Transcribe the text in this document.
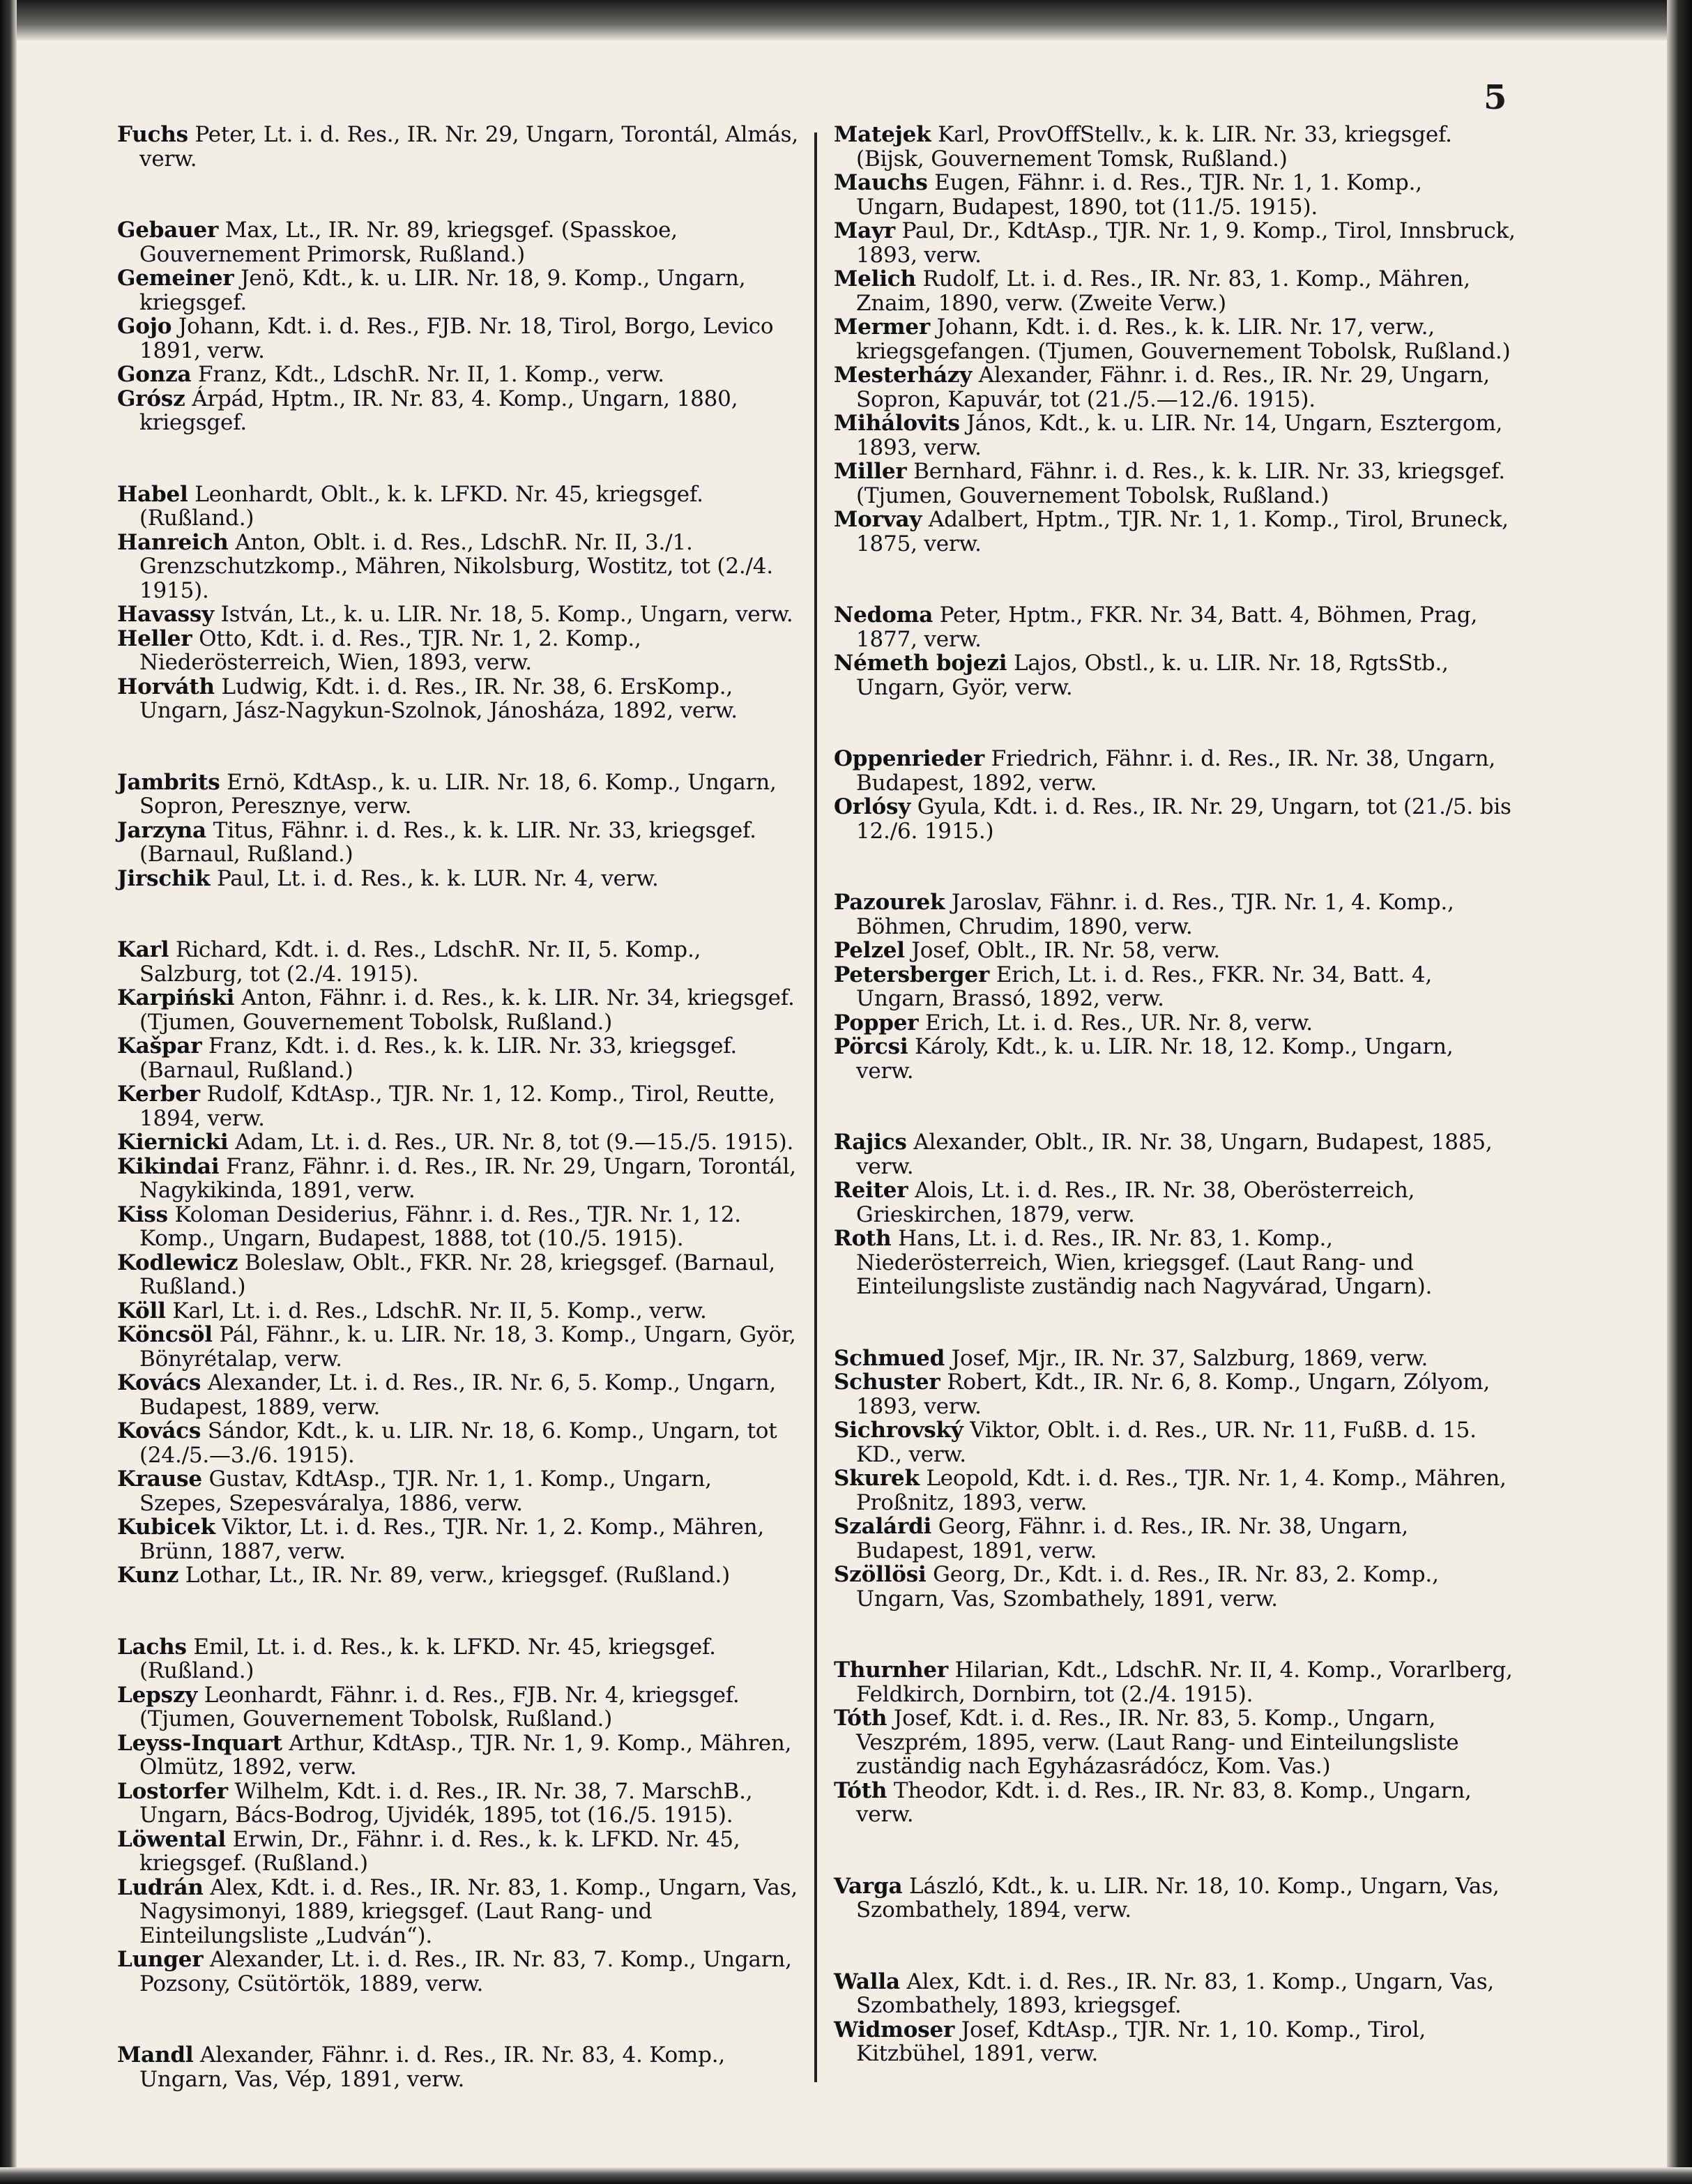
5

Fuchs Peter, Lt. i. d. Res., IR. Nr. 29, Ungarn, Torontál, Almás, verw.

Gebauer Max, Lt., IR. Nr. 89, kriegsgef. (Spasskoe, Gouvernement Primorsk, Rußland.)

Gemeiner Jenö, Kdt., k. u. LIR. Nr. 18, 9. Komp., Ungarn, kriegsgef.

Gojo Johann, Kdt. i. d. Res., FJB. Nr. 18, Tirol, Borgo, Levico 1891, verw.

Gonza Franz, Kdt., LdschR. Nr. II, 1. Komp., verw.

Grósz Árpád, Hptm., IR. Nr. 83, 4. Komp., Ungarn, 1880, kriegsgef.

Habel Leonhardt, Oblt., k. k. LFKD. Nr. 45, kriegsgef. (Rußland.)

Hanreich Anton, Oblt. i. d. Res., LdschR. Nr. II, 3./1. Grenzschutzkomp., Mähren, Nikolsburg, Wostitz, tot (2./4. 1915).

Havassy István, Lt., k. u. LIR. Nr. 18, 5. Komp., Ungarn, verw.

Heller Otto, Kdt. i. d. Res., TJR. Nr. 1, 2. Komp., Niederösterreich, Wien, 1893, verw.

Horváth Ludwig, Kdt. i. d. Res., IR. Nr. 38, 6. ErsKomp., Ungarn, Jász-Nagykun-Szolnok, Jánosháza, 1892, verw.

Jambrits Ernö, KdtAsp., k. u. LIR. Nr. 18, 6. Komp., Ungarn, Sopron, Peresznye, verw.

Jarzyna Titus, Fähnr. i. d. Res., k. k. LIR. Nr. 33, kriegsgef. (Barnaul, Rußland.)

Jirschik Paul, Lt. i. d. Res., k. k. LUR. Nr. 4, verw.

Karl Richard, Kdt. i. d. Res., LdschR. Nr. II, 5. Komp., Salzburg, tot (2./4. 1915).

Karpiński Anton, Fähnr. i. d. Res., k. k. LIR. Nr. 34, kriegsgef. (Tjumen, Gouvernement Tobolsk, Rußland.)

Kašpar Franz, Kdt. i. d. Res., k. k. LIR. Nr. 33, kriegsgef. (Barnaul, Rußland.)

Kerber Rudolf, KdtAsp., TJR. Nr. 1, 12. Komp., Tirol, Reutte, 1894, verw.

Kiernicki Adam, Lt. i. d. Res., UR. Nr. 8, tot (9.—15./5. 1915).

Kikindai Franz, Fähnr. i. d. Res., IR. Nr. 29, Ungarn, Torontál, Nagykikinda, 1891, verw.

Kiss Koloman Desiderius, Fähnr. i. d. Res., TJR. Nr. 1, 12. Komp., Ungarn, Budapest, 1888, tot (10./5. 1915).

Kodlewicz Boleslaw, Oblt., FKR. Nr. 28, kriegsgef. (Barnaul, Rußland.)

Köll Karl, Lt. i. d. Res., LdschR. Nr. II, 5. Komp., verw.

Köncsöl Pál, Fähnr., k. u. LIR. Nr. 18, 3. Komp., Ungarn, Györ, Bönyrétalap, verw.

Kovács Alexander, Lt. i. d. Res., IR. Nr. 6, 5. Komp., Ungarn, Budapest, 1889, verw.

Kovács Sándor, Kdt., k. u. LIR. Nr. 18, 6. Komp., Ungarn, tot (24./5.—3./6. 1915).

Krause Gustav, KdtAsp., TJR. Nr. 1, 1. Komp., Ungarn, Szepes, Szepesváralya, 1886, verw.

Kubicek Viktor, Lt. i. d. Res., TJR. Nr. 1, 2. Komp., Mähren, Brünn, 1887, verw.

Kunz Lothar, Lt., IR. Nr. 89, verw., kriegsgef. (Rußland.)

Lachs Emil, Lt. i. d. Res., k. k. LFKD. Nr. 45, kriegsgef. (Rußland.)

Lepszy Leonhardt, Fähnr. i. d. Res., FJB. Nr. 4, kriegsgef. (Tjumen, Gouvernement Tobolsk, Rußland.)

Leyss-Inquart Arthur, KdtAsp., TJR. Nr. 1, 9. Komp., Mähren, Olmütz, 1892, verw.

Lostorfer Wilhelm, Kdt. i. d. Res., IR. Nr. 38, 7. MarschB., Ungarn, Bács-Bodrog, Ujvidék, 1895, tot (16./5. 1915).

Löwental Erwin, Dr., Fähnr. i. d. Res., k. k. LFKD. Nr. 45, kriegsgef. (Rußland.)

Ludrán Alex, Kdt. i. d. Res., IR. Nr. 83, 1. Komp., Ungarn, Vas, Nagysimonyi, 1889, kriegsgef. (Laut Rang- und Einteilungsliste „Ludván“).

Lunger Alexander, Lt. i. d. Res., IR. Nr. 83, 7. Komp., Ungarn, Pozsony, Csütörtök, 1889, verw.

Mandl Alexander, Fähnr. i. d. Res., IR. Nr. 83, 4. Komp., Ungarn, Vas, Vép, 1891, verw.

Matejek Karl, ProvOffStellv., k. k. LIR. Nr. 33, kriegsgef. (Bijsk, Gouvernement Tomsk, Rußland.)

Mauchs Eugen, Fähnr. i. d. Res., TJR. Nr. 1, 1. Komp., Ungarn, Budapest, 1890, tot (11./5. 1915).

Mayr Paul, Dr., KdtAsp., TJR. Nr. 1, 9. Komp., Tirol, Innsbruck, 1893, verw.

Melich Rudolf, Lt. i. d. Res., IR. Nr. 83, 1. Komp., Mähren, Znaim, 1890, verw. (Zweite Verw.)

Mermer Johann, Kdt. i. d. Res., k. k. LIR. Nr. 17, verw., kriegsgefangen. (Tjumen, Gouvernement Tobolsk, Rußland.)

Mesterházy Alexander, Fähnr. i. d. Res., IR. Nr. 29, Ungarn, Sopron, Kapuvár, tot (21./5.—12./6. 1915).

Mihálovits János, Kdt., k. u. LIR. Nr. 14, Ungarn, Esztergom, 1893, verw.

Miller Bernhard, Fähnr. i. d. Res., k. k. LIR. Nr. 33, kriegsgef. (Tjumen, Gouvernement Tobolsk, Rußland.)

Morvay Adalbert, Hptm., TJR. Nr. 1, 1. Komp., Tirol, Bruneck, 1875, verw.

Nedoma Peter, Hptm., FKR. Nr. 34, Batt. 4, Böhmen, Prag, 1877, verw.

Németh bojezi Lajos, Obstl., k. u. LIR. Nr. 18, RgtsStb., Ungarn, Györ, verw.

Oppenrieder Friedrich, Fähnr. i. d. Res., IR. Nr. 38, Ungarn, Budapest, 1892, verw.

Orlósy Gyula, Kdt. i. d. Res., IR. Nr. 29, Ungarn, tot (21./5. bis 12./6. 1915.)

Pazourek Jaroslav, Fähnr. i. d. Res., TJR. Nr. 1, 4. Komp., Böhmen, Chrudim, 1890, verw.

Pelzel Josef, Oblt., IR. Nr. 58, verw.

Petersberger Erich, Lt. i. d. Res., FKR. Nr. 34, Batt. 4, Ungarn, Brassó, 1892, verw.

Popper Erich, Lt. i. d. Res., UR. Nr. 8, verw.

Pörcsi Károly, Kdt., k. u. LIR. Nr. 18, 12. Komp., Ungarn, verw.

Rajics Alexander, Oblt., IR. Nr. 38, Ungarn, Budapest, 1885, verw.

Reiter Alois, Lt. i. d. Res., IR. Nr. 38, Oberösterreich, Grieskirchen, 1879, verw.

Roth Hans, Lt. i. d. Res., IR. Nr. 83, 1. Komp., Niederösterreich, Wien, kriegsgef. (Laut Rang- und Einteilungsliste zuständig nach Nagyvárad, Ungarn).

Schmued Josef, Mjr., IR. Nr. 37, Salzburg, 1869, verw.

Schuster Robert, Kdt., IR. Nr. 6, 8. Komp., Ungarn, Zólyom, 1893, verw.

Sichrovský Viktor, Oblt. i. d. Res., UR. Nr. 11, FußB. d. 15. KD., verw.

Skurek Leopold, Kdt. i. d. Res., TJR. Nr. 1, 4. Komp., Mähren, Proßnitz, 1893, verw.

Szalárdi Georg, Fähnr. i. d. Res., IR. Nr. 38, Ungarn, Budapest, 1891, verw.

Szöllösi Georg, Dr., Kdt. i. d. Res., IR. Nr. 83, 2. Komp., Ungarn, Vas, Szombathely, 1891, verw.

Thurnher Hilarian, Kdt., LdschR. Nr. II, 4. Komp., Vorarlberg, Feldkirch, Dornbirn, tot (2./4. 1915).

Tóth Josef, Kdt. i. d. Res., IR. Nr. 83, 5. Komp., Ungarn, Veszprém, 1895, verw. (Laut Rang- und Einteilungsliste zuständig nach Egyházasrádócz, Kom. Vas.)

Tóth Theodor, Kdt. i. d. Res., IR. Nr. 83, 8. Komp., Ungarn, verw.

Varga László, Kdt., k. u. LIR. Nr. 18, 10. Komp., Ungarn, Vas, Szombathely, 1894, verw.

Walla Alex, Kdt. i. d. Res., IR. Nr. 83, 1. Komp., Ungarn, Vas, Szombathely, 1893, kriegsgef.

Widmoser Josef, KdtAsp., TJR. Nr. 1, 10. Komp., Tirol, Kitzbühel, 1891, verw.
